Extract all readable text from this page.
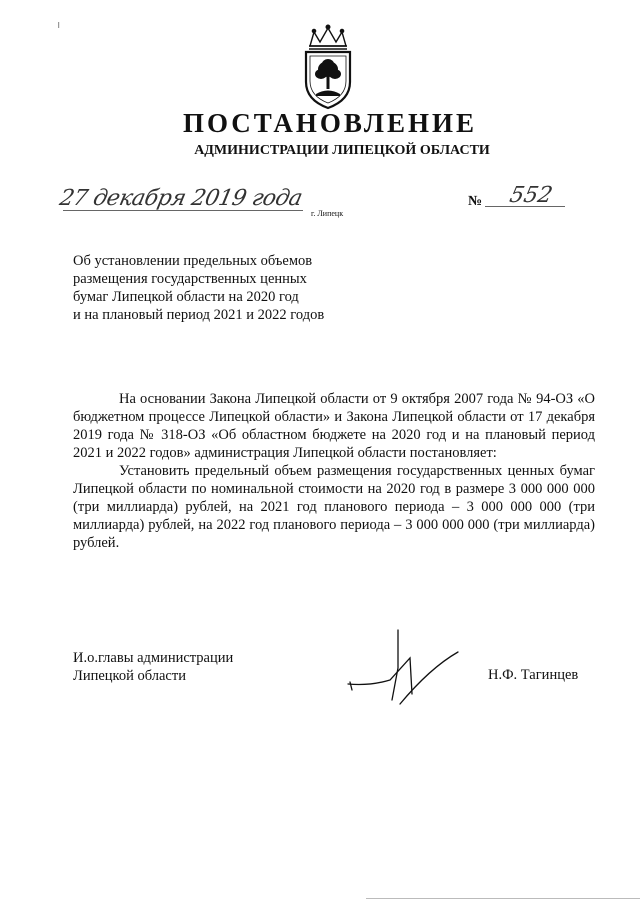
ПОСТАНОВЛЕНИЕ
АДМИНИСТРАЦИИ ЛИПЕЦКОЙ ОБЛАСТИ
27 декабря 2019 года
г. Липецк
№ 552
Об установлении предельных объемов
размещения государственных ценных
бумаг Липецкой области на 2020 год
и на плановый период 2021 и 2022 годов

На основании Закона Липецкой области от 9 октября 2007 года № 94-ОЗ «О бюджетном процессе Липецкой области» и Закона Липецкой области от 17 декабря 2019 года № 318-ОЗ «Об областном бюджете на 2020 год и на плановый период 2021 и 2022 годов» администрация Липецкой области постановляет:

Установить предельный объем размещения государственных ценных бумаг Липецкой области по номинальной стоимости на 2020 год в размере 3 000 000 000 (три миллиарда) рублей, на 2021 год планового периода – 3 000 000 000 (три миллиарда) рублей, на 2022 год планового периода – 3 000 000 000 (три миллиарда) рублей.

И.о.главы администрации
Липецкой области	Н.Ф. Тагинцев
